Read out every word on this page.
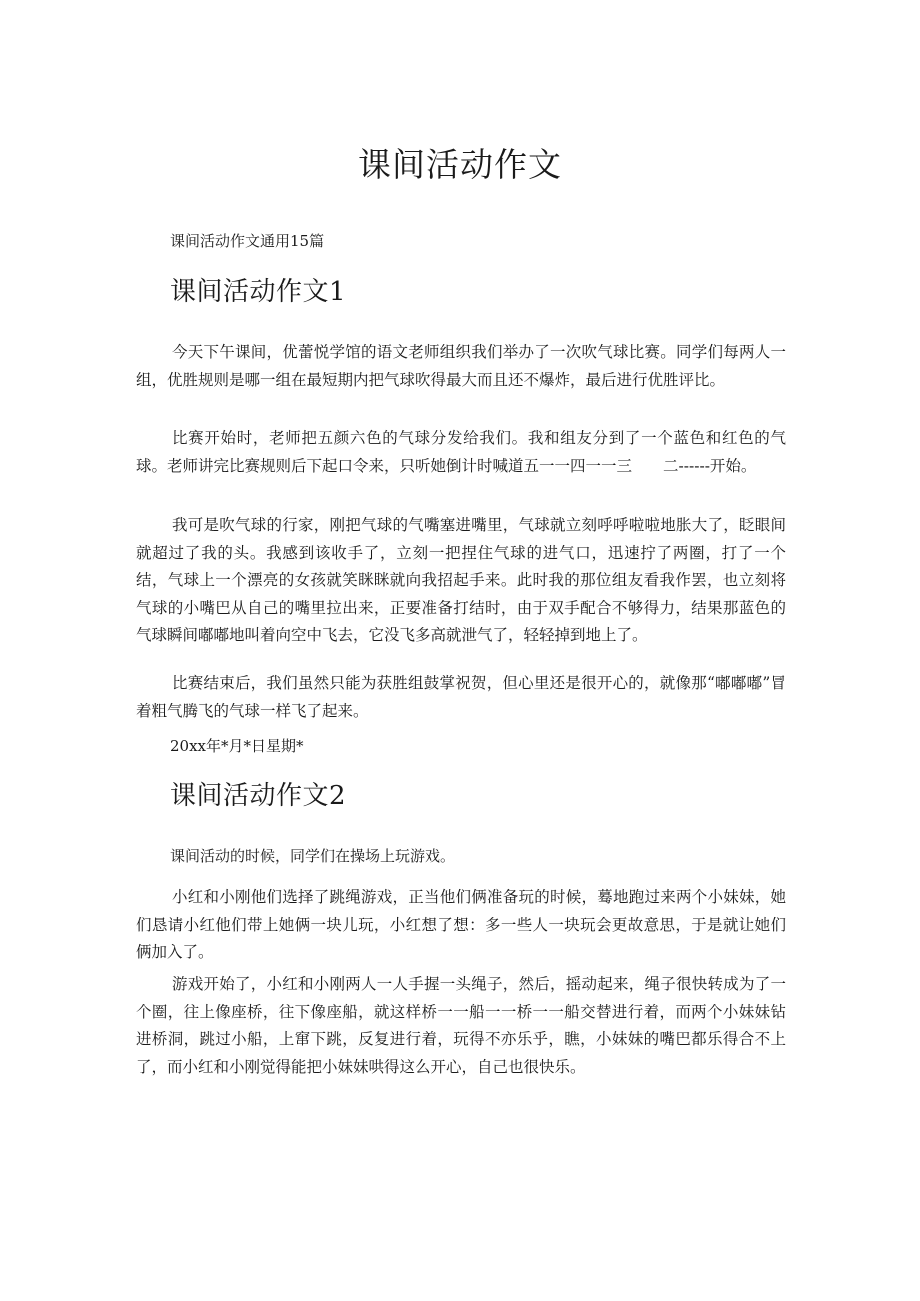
课间活动作文

课间活动作文通用15篇

课间活动作文1

今天下午课间，优蕾悦学馆的语文老师组织我们举办了一次吹气球比赛。同学们每两人一组，优胜规则是哪一组在最短期内把气球吹得最大而且还不爆炸，最后进行优胜评比。

比赛开始时，老师把五颜六色的气球分发给我们。我和组友分到了一个蓝色和红色的气球。老师讲完比赛规则后下起口令来，只听她倒计时喊道五一一四一一三　　二------开始。

我可是吹气球的行家，刚把气球的气嘴塞进嘴里，气球就立刻呼呼啦啦地胀大了，眨眼间就超过了我的头。我感到该收手了，立刻一把捏住气球的进气口，迅速拧了两圈，打了一个结，气球上一个漂亮的女孩就笑眯眯就向我招起手来。此时我的那位组友看我作罢，也立刻将气球的小嘴巴从自己的嘴里拉出来，正要准备打结时，由于双手配合不够得力，结果那蓝色的气球瞬间嘟嘟地叫着向空中飞去，它没飞多高就泄气了，轻轻掉到地上了。

比赛结束后，我们虽然只能为获胜组鼓掌祝贺，但心里还是很开心的，就像那“嘟嘟嘟”冒着粗气腾飞的气球一样飞了起来。

20xx年*月*日星期*

课间活动作文2

课间活动的时候，同学们在操场上玩游戏。

小红和小刚他们选择了跳绳游戏，正当他们俩准备玩的时候，蓦地跑过来两个小妹妹，她们恳请小红他们带上她俩一块儿玩，小红想了想：多一些人一块玩会更故意思，于是就让她们俩加入了。

游戏开始了，小红和小刚两人一人手握一头绳子，然后，摇动起来，绳子很快转成为了一个圈，往上像座桥，往下像座船，就这样桥一一船一一桥一一船交替进行着，而两个小妹妹钻进桥洞，跳过小船，上窜下跳，反复进行着，玩得不亦乐乎，瞧，小妹妹的嘴巴都乐得合不上了，而小红和小刚觉得能把小妹妹哄得这么开心，自己也很快乐。
